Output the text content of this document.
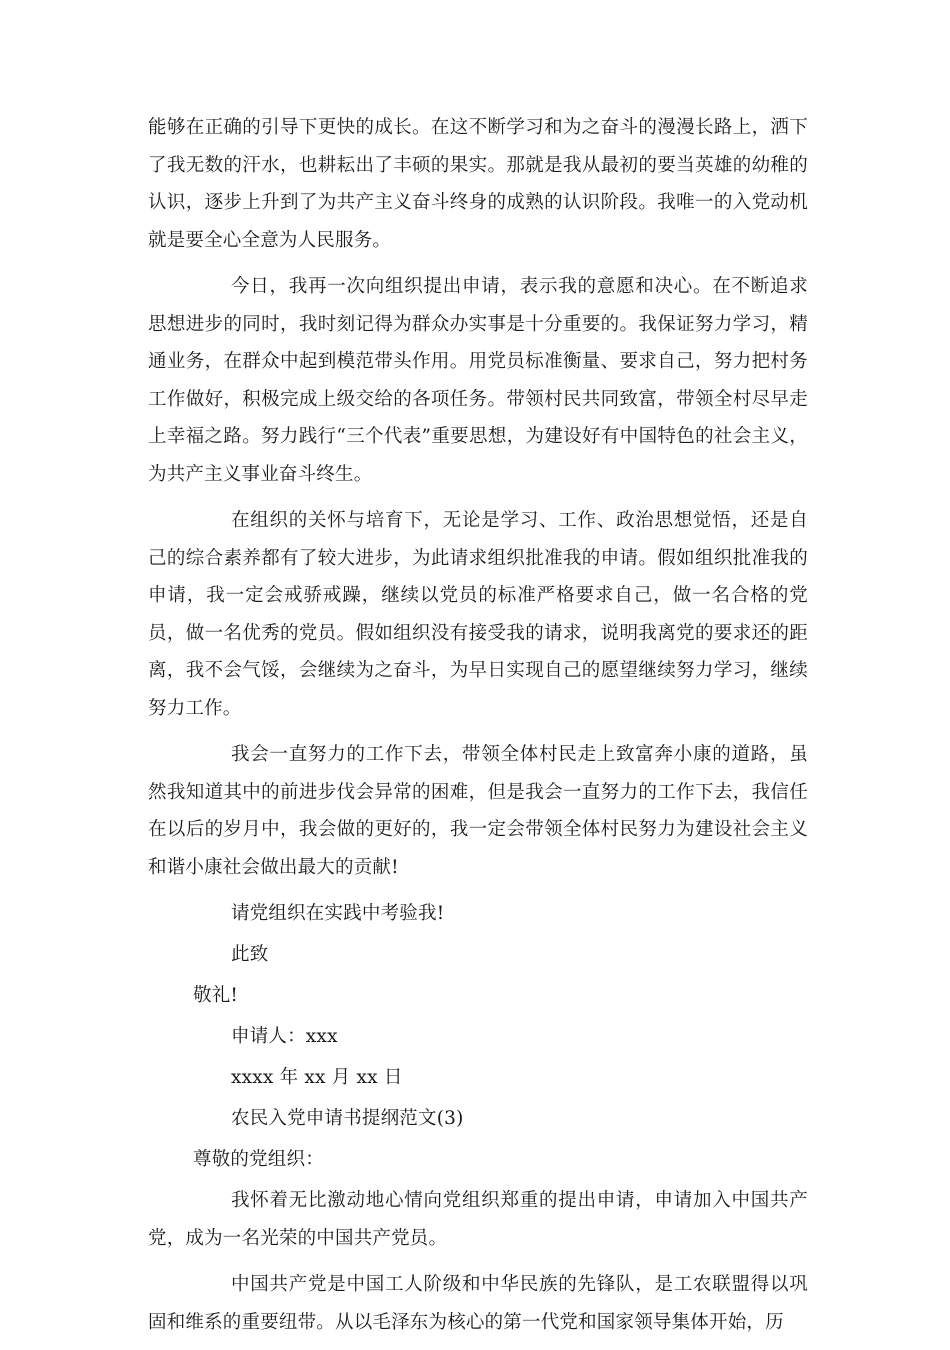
能够在正确的引导下更快的成长。在这不断学习和为之奋斗的漫漫长路上，洒下了我无数的汗水，也耕耘出了丰硕的果实。那就是我从最初的要当英雄的幼稚的认识，逐步上升到了为共产主义奋斗终身的成熟的认识阶段。我唯一的入党动机就是要全心全意为人民服务。

今日，我再一次向组织提出申请，表示我的意愿和决心。在不断追求思想进步的同时，我时刻记得为群众办实事是十分重要的。我保证努力学习，精通业务，在群众中起到模范带头作用。用党员标准衡量、要求自己，努力把村务工作做好，积极完成上级交给的各项任务。带领村民共同致富，带领全村尽早走上幸福之路。努力践行“三个代表”重要思想，为建设好有中国特色的社会主义，为共产主义事业奋斗终生。

在组织的关怀与培育下，无论是学习、工作、政治思想觉悟，还是自己的综合素养都有了较大进步，为此请求组织批准我的申请。假如组织批准我的申请，我一定会戒骄戒躁，继续以党员的标准严格要求自己，做一名合格的党员，做一名优秀的党员。假如组织没有接受我的请求，说明我离党的要求还的距离，我不会气馁，会继续为之奋斗，为早日实现自己的愿望继续努力学习，继续努力工作。

我会一直努力的工作下去，带领全体村民走上致富奔小康的道路，虽然我知道其中的前进步伐会异常的困难，但是我会一直努力的工作下去，我信任在以后的岁月中，我会做的更好的，我一定会带领全体村民努力为建设社会主义和谐小康社会做出最大的贡献!

请党组织在实践中考验我!

此致

敬礼!

申请人：xxx

xxxx 年 xx 月 xx 日

农民入党申请书提纲范文(3)

尊敬的党组织：

我怀着无比激动地心情向党组织郑重的提出申请，申请加入中国共产党，成为一名光荣的中国共产党员。

中国共产党是中国工人阶级和中华民族的先锋队，是工农联盟得以巩固和维系的重要纽带。从以毛泽东为核心的第一代党和国家领导集体开始，历
